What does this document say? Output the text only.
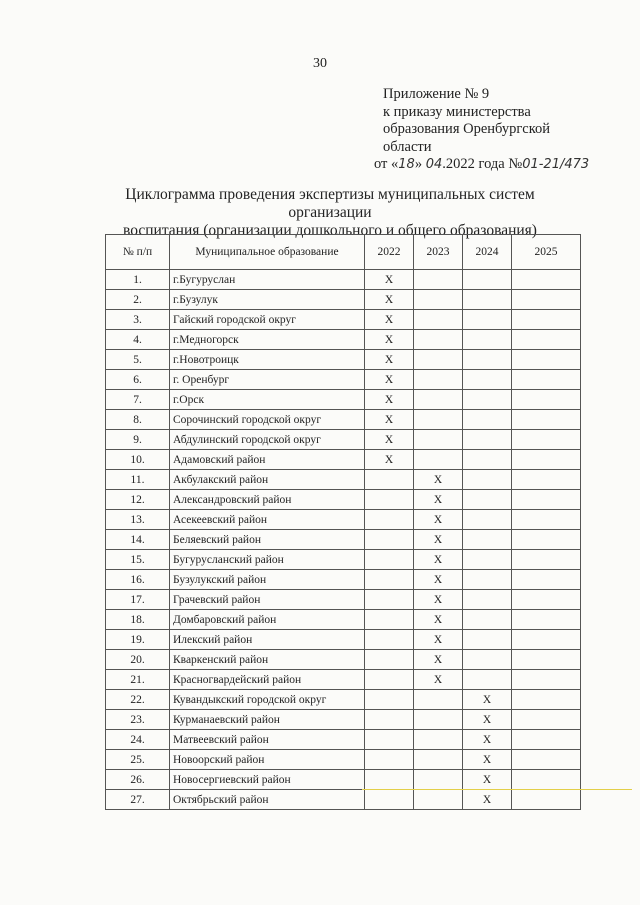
30
Приложение № 9
к приказу министерства
образования Оренбургской
области
от «18» 04.2022 года №01-21/473
Циклограмма проведения экспертизы муниципальных систем организации
воспитания (организации дошкольного и общего образования)
№ п/п	Муниципальное образование	2022	2023	2024	2025
1.	г.Бугуруслан	X			
2.	г.Бузулук	X			
3.	Гайский городской округ	X			
4.	г.Медногорск	X			
5.	г.Новотроицк	X			
6.	г. Оренбург	X			
7.	г.Орск	X			
8.	Сорочинский городской округ	X			
9.	Абдулинский городской округ	X			
10.	Адамовский район	X			
11.	Акбулакский район		X		
12.	Александровский район		X		
13.	Асекеевский район		X		
14.	Беляевский район		X		
15.	Бугурусланский район		X		
16.	Бузулукский район		X		
17.	Грачевский район		X		
18.	Домбаровский район		X		
19.	Илекский район		X		
20.	Кваркенский район		X		
21.	Красногвардейский район		X		
22.	Кувандыкский городской округ			X	
23.	Курманаевский район			X	
24.	Матвеевский район			X	
25.	Новоорский район			X	
26.	Новосергиевский район			X	
27.	Октябрьский район			X	
